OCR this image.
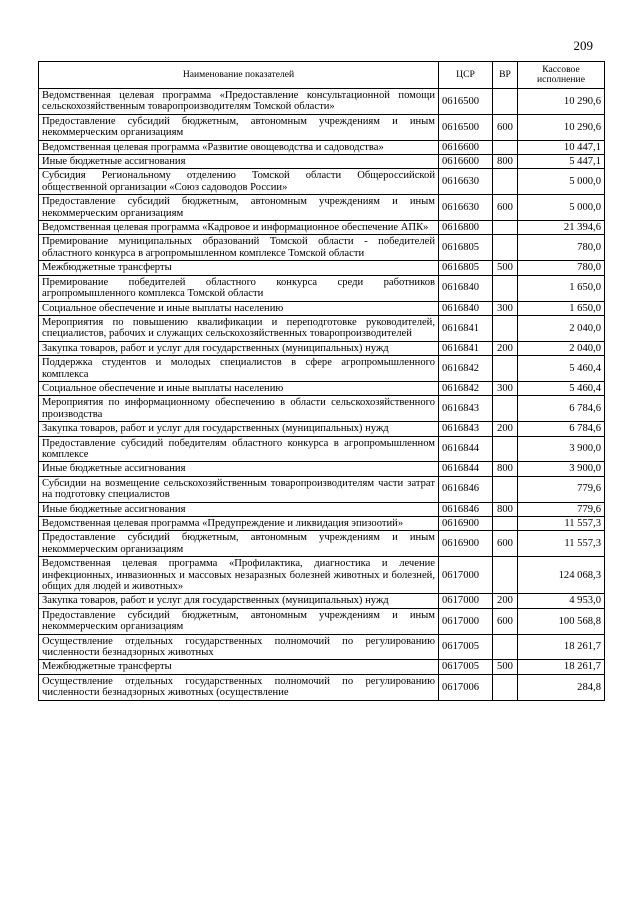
209
Наименование показателей	ЦСР	ВР	Кассовое исполнение
Ведомственная целевая программа «Предоставление консультационной помощи сельскохозяйственным товаропроизводителям Томской области»	0616500		10 290,6
Предоставление субсидий бюджетным, автономным учреждениям и иным некоммерческим организациям	0616500	600	10 290,6
Ведомственная целевая программа «Развитие овощеводства и садоводства»	0616600		10 447,1
Иные бюджетные ассигнования	0616600	800	5 447,1
Субсидия Региональному отделению Томской области Общероссийской общественной организации «Союз садоводов России»	0616630		5 000,0
Предоставление субсидий бюджетным, автономным учреждениям и иным некоммерческим организациям	0616630	600	5 000,0
Ведомственная целевая программа «Кадровое и информационное обеспечение АПК»	0616800		21 394,6
Премирование муниципальных образований Томской области - победителей областного конкурса в агропромышленном комплексе Томской области	0616805		780,0
Межбюджетные трансферты	0616805	500	780,0
Премирование победителей областного конкурса среди работников агропромышленного комплекса Томской области	0616840		1 650,0
Социальное обеспечение и иные выплаты населению	0616840	300	1 650,0
Мероприятия по повышению квалификации и переподготовке руководителей, специалистов, рабочих и служащих сельскохозяйственных товаропроизводителей	0616841		2 040,0
Закупка товаров, работ и услуг для государственных (муниципальных) нужд	0616841	200	2 040,0
Поддержка студентов и молодых специалистов в сфере агропромышленного комплекса	0616842		5 460,4
Социальное обеспечение и иные выплаты населению	0616842	300	5 460,4
Мероприятия по информационному обеспечению в области сельскохозяйственного производства	0616843		6 784,6
Закупка товаров, работ и услуг для государственных (муниципальных) нужд	0616843	200	6 784,6
Предоставление субсидий победителям областного конкурса в агропромышленном комплексе	0616844		3 900,0
Иные бюджетные ассигнования	0616844	800	3 900,0
Субсидии на возмещение сельскохозяйственным товаропроизводителям части затрат на подготовку специалистов	0616846		779,6
Иные бюджетные ассигнования	0616846	800	779,6
Ведомственная целевая программа «Предупреждение и ликвидация эпизоотий»	0616900		11 557,3
Предоставление субсидий бюджетным, автономным учреждениям и иным некоммерческим организациям	0616900	600	11 557,3
Ведомственная целевая программа «Профилактика, диагностика и лечение инфекционных, инвазионных и массовых незаразных болезней животных и болезней, общих для людей и животных»	0617000		124 068,3
Закупка товаров, работ и услуг для государственных (муниципальных) нужд	0617000	200	4 953,0
Предоставление субсидий бюджетным, автономным учреждениям и иным некоммерческим организациям	0617000	600	100 568,8
Осуществление отдельных государственных полномочий по регулированию численности безнадзорных животных	0617005		18 261,7
Межбюджетные трансферты	0617005	500	18 261,7
Осуществление отдельных государственных полномочий по регулированию численности безнадзорных животных (осуществление	0617006		284,8
